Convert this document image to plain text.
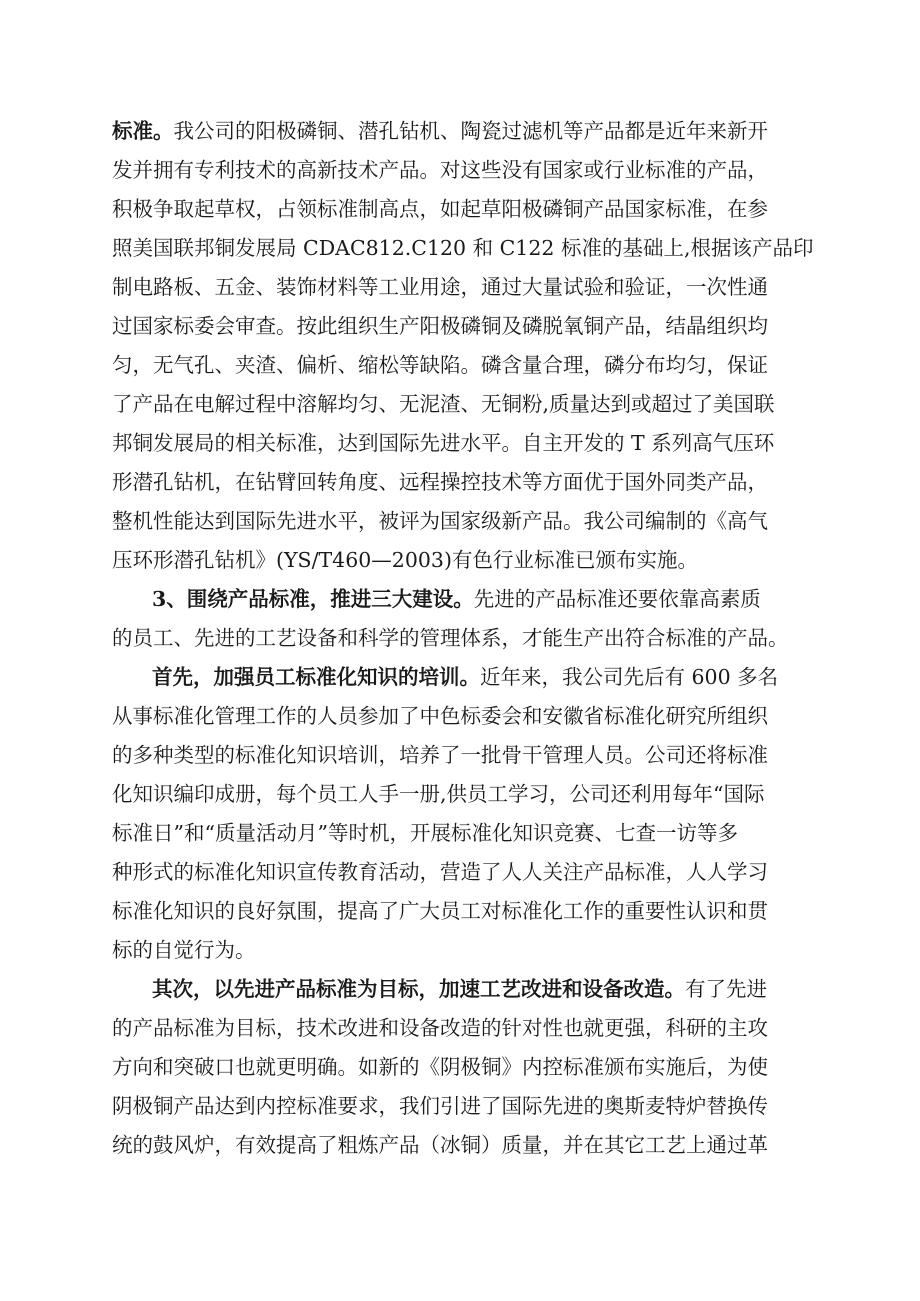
标准。我公司的阳极磷铜、潜孔钻机、陶瓷过滤机等产品都是近年来新开
发并拥有专利技术的高新技术产品。对这些没有国家或行业标准的产品，
积极争取起草权，占领标准制高点，如起草阳极磷铜产品国家标准，在参
照美国联邦铜发展局 CDAC812.C120 和 C122 标准的基础上,根据该产品印
制电路板、五金、装饰材料等工业用途，通过大量试验和验证，一次性通
过国家标委会审查。按此组织生产阳极磷铜及磷脱氧铜产品，结晶组织均
匀，无气孔、夹渣、偏析、缩松等缺陷。磷含量合理，磷分布均匀，保证
了产品在电解过程中溶解均匀、无泥渣、无铜粉,质量达到或超过了美国联
邦铜发展局的相关标准，达到国际先进水平。自主开发的 T 系列高气压环
形潜孔钻机，在钻臂回转角度、远程操控技术等方面优于国外同类产品，
整机性能达到国际先进水平，被评为国家级新产品。我公司编制的《高气
压环形潜孔钻机》(YS/T460—2003)有色行业标准已颁布实施。
3、围绕产品标准，推进三大建设。先进的产品标准还要依靠高素质
的员工、先进的工艺设备和科学的管理体系，才能生产出符合标准的产品。
首先，加强员工标准化知识的培训。近年来，我公司先后有 600 多名
从事标准化管理工作的人员参加了中色标委会和安徽省标准化研究所组织
的多种类型的标准化知识培训，培养了一批骨干管理人员。公司还将标准
化知识编印成册，每个员工人手一册,供员工学习，公司还利用每年“国际
标准日”和“质量活动月”等时机，开展标准化知识竞赛、七查一访等多
种形式的标准化知识宣传教育活动，营造了人人关注产品标准，人人学习
标准化知识的良好氛围，提高了广大员工对标准化工作的重要性认识和贯
标的自觉行为。
其次，以先进产品标准为目标，加速工艺改进和设备改造。有了先进
的产品标准为目标，技术改进和设备改造的针对性也就更强，科研的主攻
方向和突破口也就更明确。如新的《阴极铜》内控标准颁布实施后，为使
阴极铜产品达到内控标准要求，我们引进了国际先进的奥斯麦特炉替换传
统的鼓风炉，有效提高了粗炼产品（冰铜）质量，并在其它工艺上通过革
